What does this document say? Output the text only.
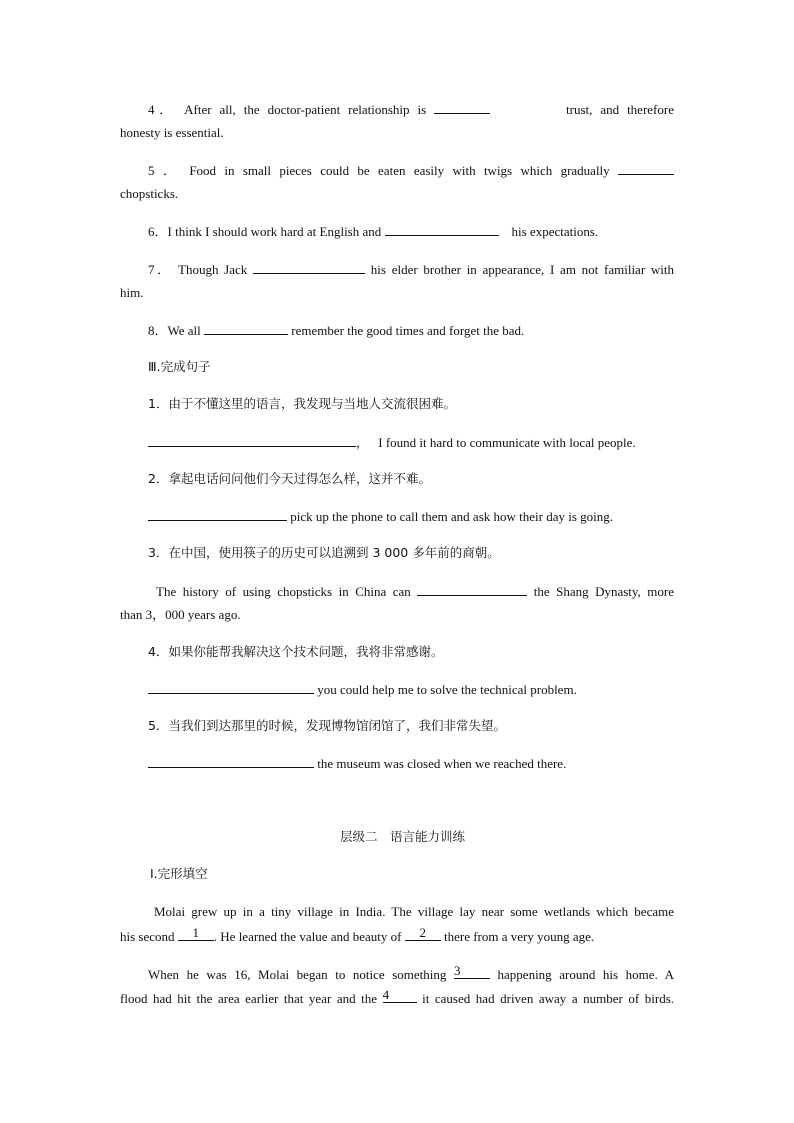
4． After all, the doctor-patient relationship is	trust, and therefore
honesty is essential.
5 ． Food in small pieces could be eaten easily with twigs which gradually
chopsticks.
6．I think I should work hard at English and	his expectations.
7． Though Jack	his elder brother in appearance, I am not familiar with
him.
8．We all	remember the good times and forget the bad.
Ⅲ.完成句子
1．由于不懂这里的语言，我发现与当地人交流很困难。
， I found it hard to communicate with local people.
2．拿起电话问问他们今天过得怎么样，这并不难。
pick up the phone to call them and ask how their day is going.
3．在中国，使用筷子的历史可以追溯到 3 000 多年前的商朝。
The history of using chopsticks in China can	the Shang Dynasty, more
than 3，000 years ago.
4．如果你能帮我解决这个技术问题，我将非常感谢。
you could help me to solve the technical problem.
5．当我们到达那里的时候，发现博物馆闭馆了，我们非常失望。
the museum was closed when we reached there.
层级二　语言能力训练
Ⅰ.完形填空
Molai grew up in a tiny village in India. The village lay near some wetlands which became
his second	1	. He learned the value and beauty of	2	there from a very young age.
When he was 16, Molai began to notice something 3	happening around his home. A
flood had hit the area earlier that year and the 4	it caused had driven away a number of birds.
